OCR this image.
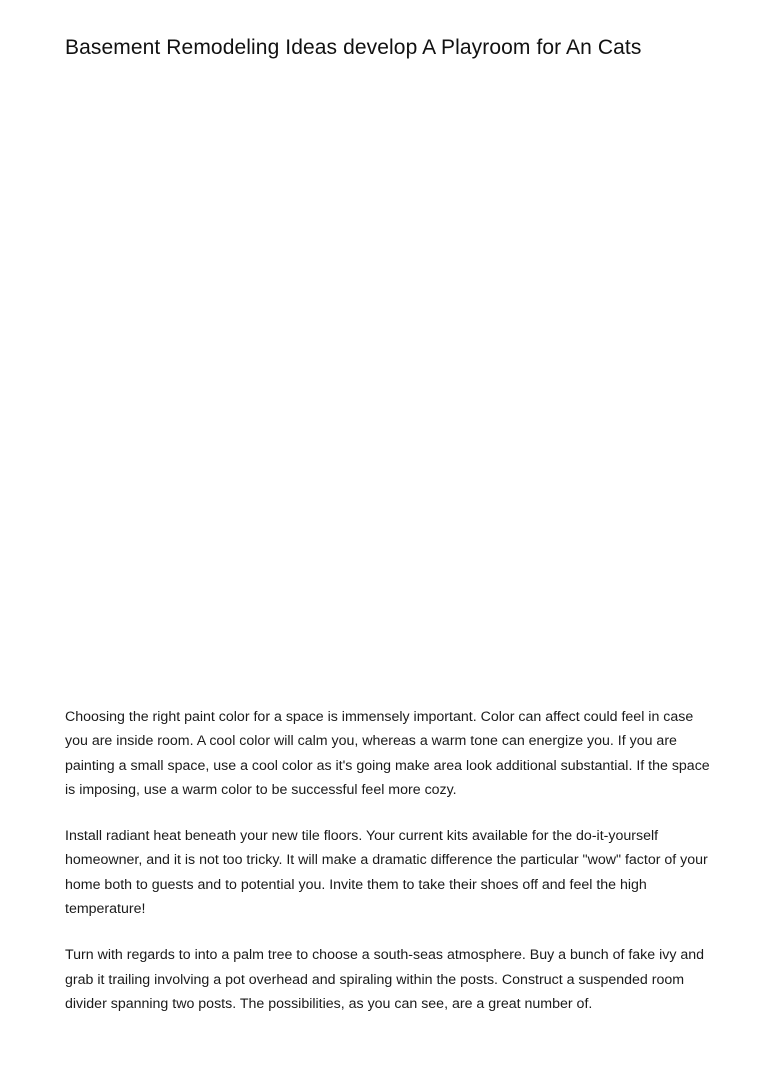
Basement Remodeling Ideas develop A Playroom for An Cats

Choosing the right paint color for a space is immensely important. Color can affect could feel in case you are inside room. A cool color will calm you, whereas a warm tone can energize you. If you are painting a small space, use a cool color as it's going make area look additional substantial. If the space is imposing, use a warm color to be successful feel more cozy.

Install radiant heat beneath your new tile floors. Your current kits available for the do-it-yourself homeowner, and it is not too tricky. It will make a dramatic difference the particular "wow" factor of your home both to guests and to potential you. Invite them to take their shoes off and feel the high temperature!

Turn with regards to into a palm tree to choose a south-seas atmosphere. Buy a bunch of fake ivy and grab it trailing involving a pot overhead and spiraling within the posts. Construct a suspended room divider spanning two posts. The possibilities, as you can see, are a great number of.
